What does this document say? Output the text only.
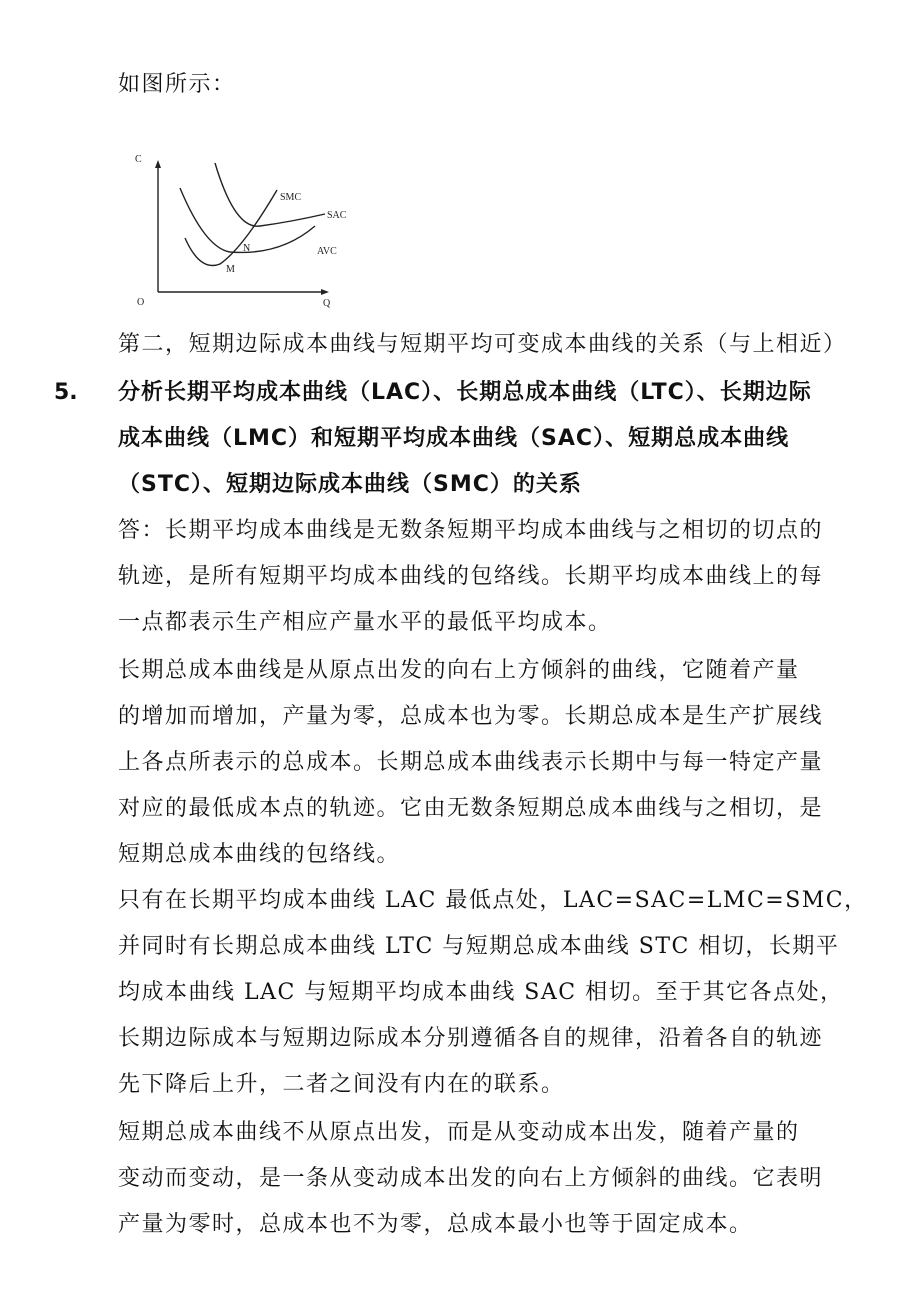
如图所示：

C
Q
O
SMC
SAC
AVC
N
M

第二，短期边际成本曲线与短期平均可变成本曲线的关系（与上相近）

5. 分析长期平均成本曲线（LAC）、长期总成本曲线（LTC）、长期边际

成本曲线（LMC）和短期平均成本曲线（SAC）、短期总成本曲线

（STC）、短期边际成本曲线（SMC）的关系

答：长期平均成本曲线是无数条短期平均成本曲线与之相切的切点的

轨迹，是所有短期平均成本曲线的包络线。长期平均成本曲线上的每

一点都表示生产相应产量水平的最低平均成本。

长期总成本曲线是从原点出发的向右上方倾斜的曲线，它随着产量

的增加而增加，产量为零，总成本也为零。长期总成本是生产扩展线

上各点所表示的总成本。长期总成本曲线表示长期中与每一特定产量

对应的最低成本点的轨迹。它由无数条短期总成本曲线与之相切，是

短期总成本曲线的包络线。

只有在长期平均成本曲线 LAC 最低点处，LAC=SAC=LMC=SMC，

并同时有长期总成本曲线 LTC 与短期总成本曲线 STC 相切，长期平

均成本曲线 LAC 与短期平均成本曲线 SAC 相切。至于其它各点处，

长期边际成本与短期边际成本分别遵循各自的规律，沿着各自的轨迹

先下降后上升，二者之间没有内在的联系。

短期总成本曲线不从原点出发，而是从变动成本出发，随着产量的

变动而变动，是一条从变动成本出发的向右上方倾斜的曲线。它表明

产量为零时，总成本也不为零，总成本最小也等于固定成本。
